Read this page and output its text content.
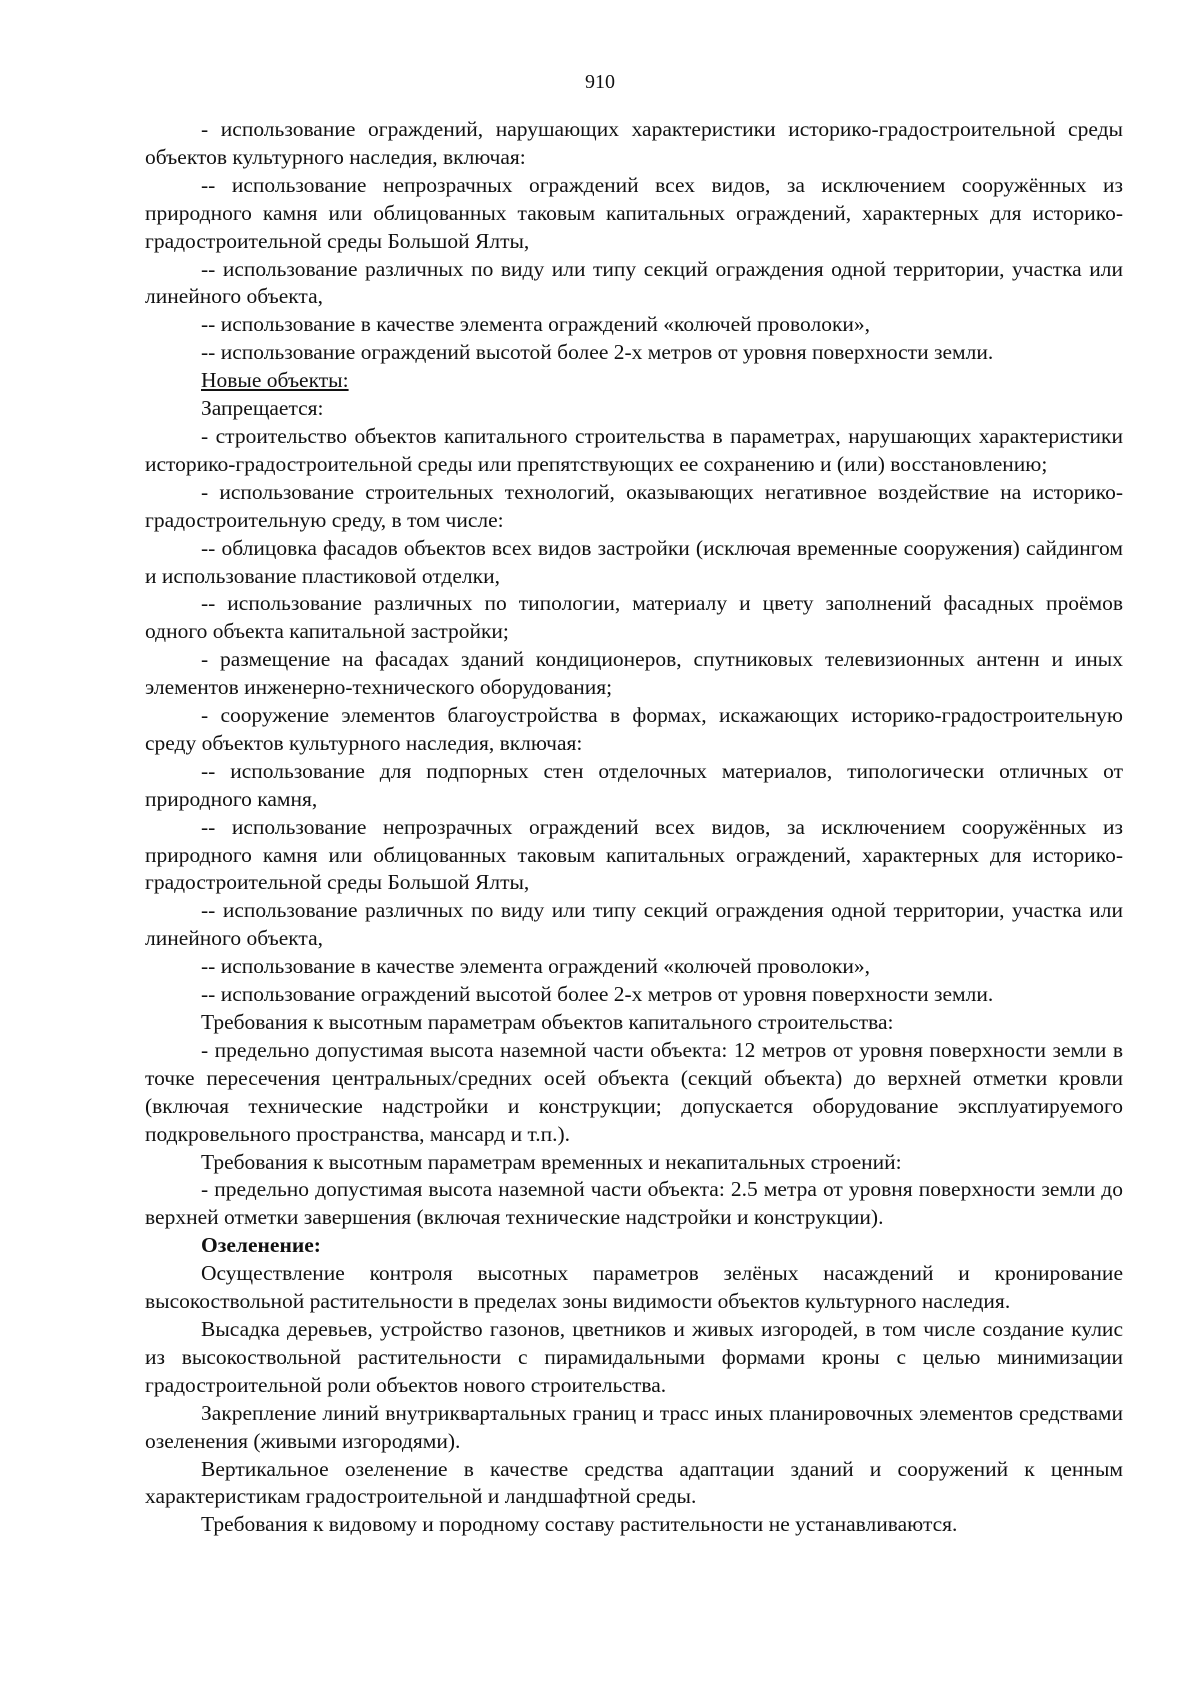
910

- использование ограждений, нарушающих характеристики историко-градостроительной среды объектов культурного наследия, включая:

-- использование непрозрачных ограждений всех видов, за исключением сооружённых из природного камня или облицованных таковым капитальных ограждений, характерных для историко-градостроительной среды Большой Ялты,

-- использование различных по виду или типу секций ограждения одной территории, участка или линейного объекта,

-- использование в качестве элемента ограждений «колючей проволоки»,

-- использование ограждений высотой более 2-х метров от уровня поверхности земли.

Новые объекты:

Запрещается:

- строительство объектов капитального строительства в параметрах, нарушающих характеристики историко-градостроительной среды или препятствующих ее сохранению и (или) восстановлению;

- использование строительных технологий, оказывающих негативное воздействие на историко-градостроительную среду, в том числе:

-- облицовка фасадов объектов всех видов застройки (исключая временные сооружения) сайдингом и использование пластиковой отделки,

-- использование различных по типологии, материалу и цвету заполнений фасадных проёмов одного объекта капитальной застройки;

- размещение на фасадах зданий кондиционеров, спутниковых телевизионных антенн и иных элементов инженерно-технического оборудования;

- сооружение элементов благоустройства в формах, искажающих историко-градостроительную среду объектов культурного наследия, включая:

-- использование для подпорных стен отделочных материалов, типологически отличных от природного камня,

-- использование непрозрачных ограждений всех видов, за исключением сооружённых из природного камня или облицованных таковым капитальных ограждений, характерных для историко-градостроительной среды Большой Ялты,

-- использование различных по виду или типу секций ограждения одной территории, участка или линейного объекта,

-- использование в качестве элемента ограждений «колючей проволоки»,

-- использование ограждений высотой более 2-х метров от уровня поверхности земли.

Требования к высотным параметрам объектов капитального строительства:

- предельно допустимая высота наземной части объекта: 12 метров от уровня поверхности земли в точке пересечения центральных/средних осей объекта (секций объекта) до верхней отметки кровли (включая технические надстройки и конструкции; допускается оборудование эксплуатируемого подкровельного пространства, мансард и т.п.).

Требования к высотным параметрам временных и некапитальных строений:

- предельно допустимая высота наземной части объекта: 2.5 метра от уровня поверхности земли до верхней отметки завершения (включая технические надстройки и конструкции).

Озеленение:

Осуществление контроля высотных параметров зелёных насаждений и кронирование высокоствольной растительности в пределах зоны видимости объектов культурного наследия.

Высадка деревьев, устройство газонов, цветников и живых изгородей, в том числе создание кулис из высокоствольной растительности с пирамидальными формами кроны с целью минимизации градостроительной роли объектов нового строительства.

Закрепление линий внутриквартальных границ и трасс иных планировочных элементов средствами озеленения (живыми изгородями).

Вертикальное озеленение в качестве средства адаптации зданий и сооружений к ценным характеристикам градостроительной и ландшафтной среды.

Требования к видовому и породному составу растительности не устанавливаются.
